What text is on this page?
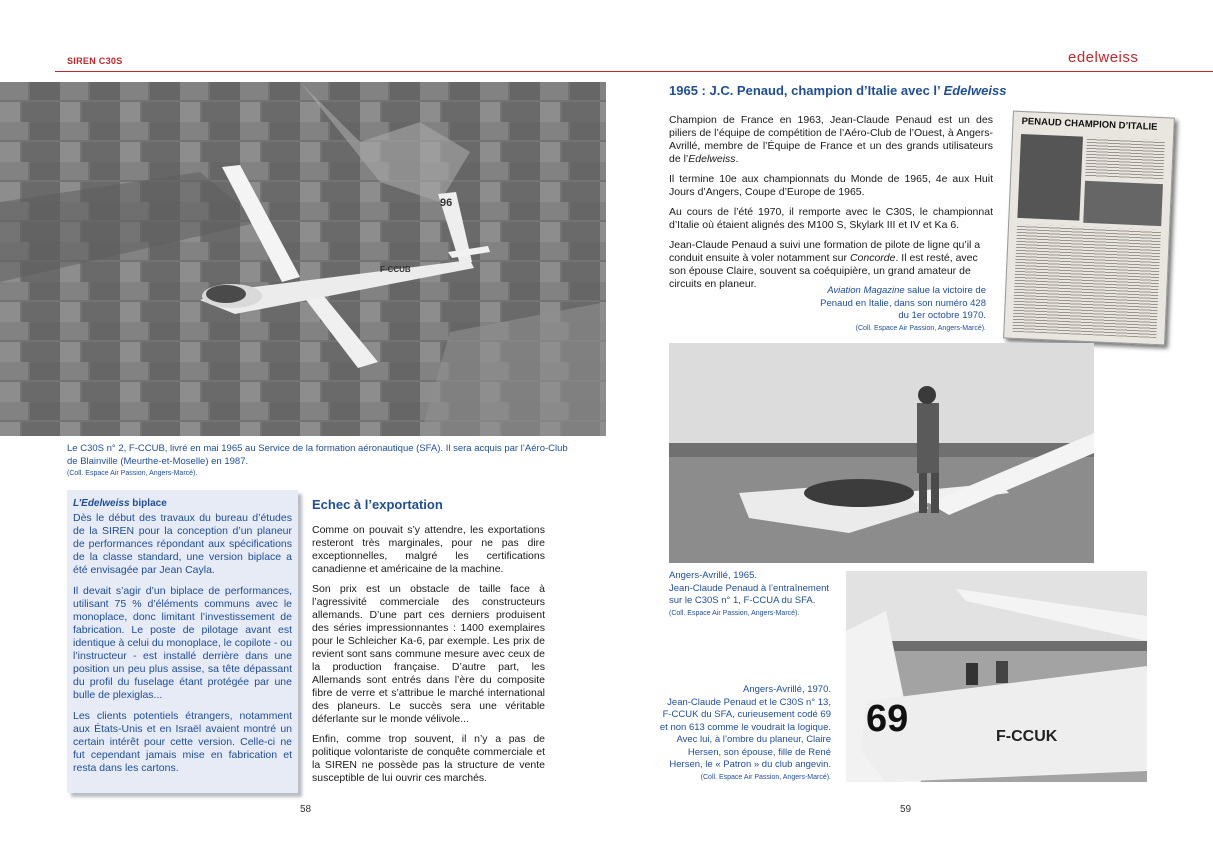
SIREN C30S	edelweiss
96
F-CCUB
Le C30S n° 2, F-CCUB, livré en mai 1965 au Service de la formation aéronautique (SFA). Il sera acquis par l’Aéro-Club
de Blainville (Meurthe-et-Moselle) en 1987.
(Coll. Espace Air Passion, Angers-Marcé).
L’Edelweiss biplace

Dès le début des travaux du bureau d’études de la SIREN pour la conception d’un planeur de performances répondant aux spécifications de la classe standard, une version biplace a été envisagée par Jean Cayla.

Il devait s’agir d’un biplace de performances, utilisant 75 % d’éléments communs avec le monoplace, donc limitant l’investissement de fabrication. Le poste de pilotage avant est identique à celui du monoplace, le copilote - ou l’instructeur - est installé derrière dans une position un peu plus assise, sa tête dépassant du profil du fuselage étant protégée par une bulle de plexiglas...

Les clients potentiels étrangers, notamment aux États-Unis et en Israël avaient montré un certain intérêt pour cette version. Celle-ci ne fut cependant jamais mise en fabrication et resta dans les cartons.

Echec à l’exportation

Comme on pouvait s’y attendre, les exportations resteront très marginales, pour ne pas dire exceptionnelles, malgré les certifications canadienne et américaine de la machine.

Son prix est un obstacle de taille face à l’agressivité commerciale des constructeurs allemands. D’une part ces derniers produisent des séries impressionnantes : 1400 exemplaires pour le Schleicher Ka-6, par exemple. Les prix de revient sont sans commune mesure avec ceux de la production française. D’autre part, les Allemands sont entrés dans l’ère du composite fibre de verre et s’attribue le marché international des planeurs. Le succès sera une véritable déferlante sur le monde vélivole...

Enfin, comme trop souvent, il n’y a pas de politique volontariste de conquête commerciale et la SIREN ne possède pas la structure de vente susceptible de lui ouvrir ces marchés.

58
1965 : J.C. Penaud, champion d’Italie avec l’ Edelweiss

Champion de France en 1963, Jean-Claude Penaud est un des piliers de l’équipe de compétition de l’Aéro-Club de l’Ouest, à Angers-Avrillé, membre de l’Équipe de France et un des grands utilisateurs de l’Edelweiss.

Il termine 10e aux championnats du Monde de 1965, 4e aux Huit Jours d’Angers, Coupe d’Europe de 1965.

Au cours de l’été 1970, il remporte avec le C30S, le championnat d’Italie où étaient alignés des M100 S, Skylark III et IV et Ka 6.

Jean-Claude Penaud a suivi une formation de pilote de ligne qu’il a conduit ensuite à voler notamment sur Concorde. Il est resté, avec son épouse Claire, souvent sa coéquipière, un grand amateur de circuits en planeur.

Aviation Magazine salue la victoire de
Penaud en Italie, dans son numéro 428
du 1er octobre 1970.
(Coll. Espace Air Passion, Angers-Marcé).
PENAUD CHAMPION D’ITALIE
Angers-Avrillé, 1965.
Jean-Claude Penaud à l’entraînement
sur le C30S n° 1, F-CCUA du SFA.
(Coll. Espace Air Passion, Angers-Marcé).
69	F-CCUK
Angers-Avrillé, 1970.
Jean-Claude Penaud et le C30S n° 13,
F-CCUK du SFA, curieusement codé 69
et non 613 comme le voudrait la logique.
Avec lui, à l’ombre du planeur, Claire
Hersen, son épouse, fille de René
Hersen, le « Patron » du club angevin.
(Coll. Espace Air Passion, Angers-Marcé).
59
